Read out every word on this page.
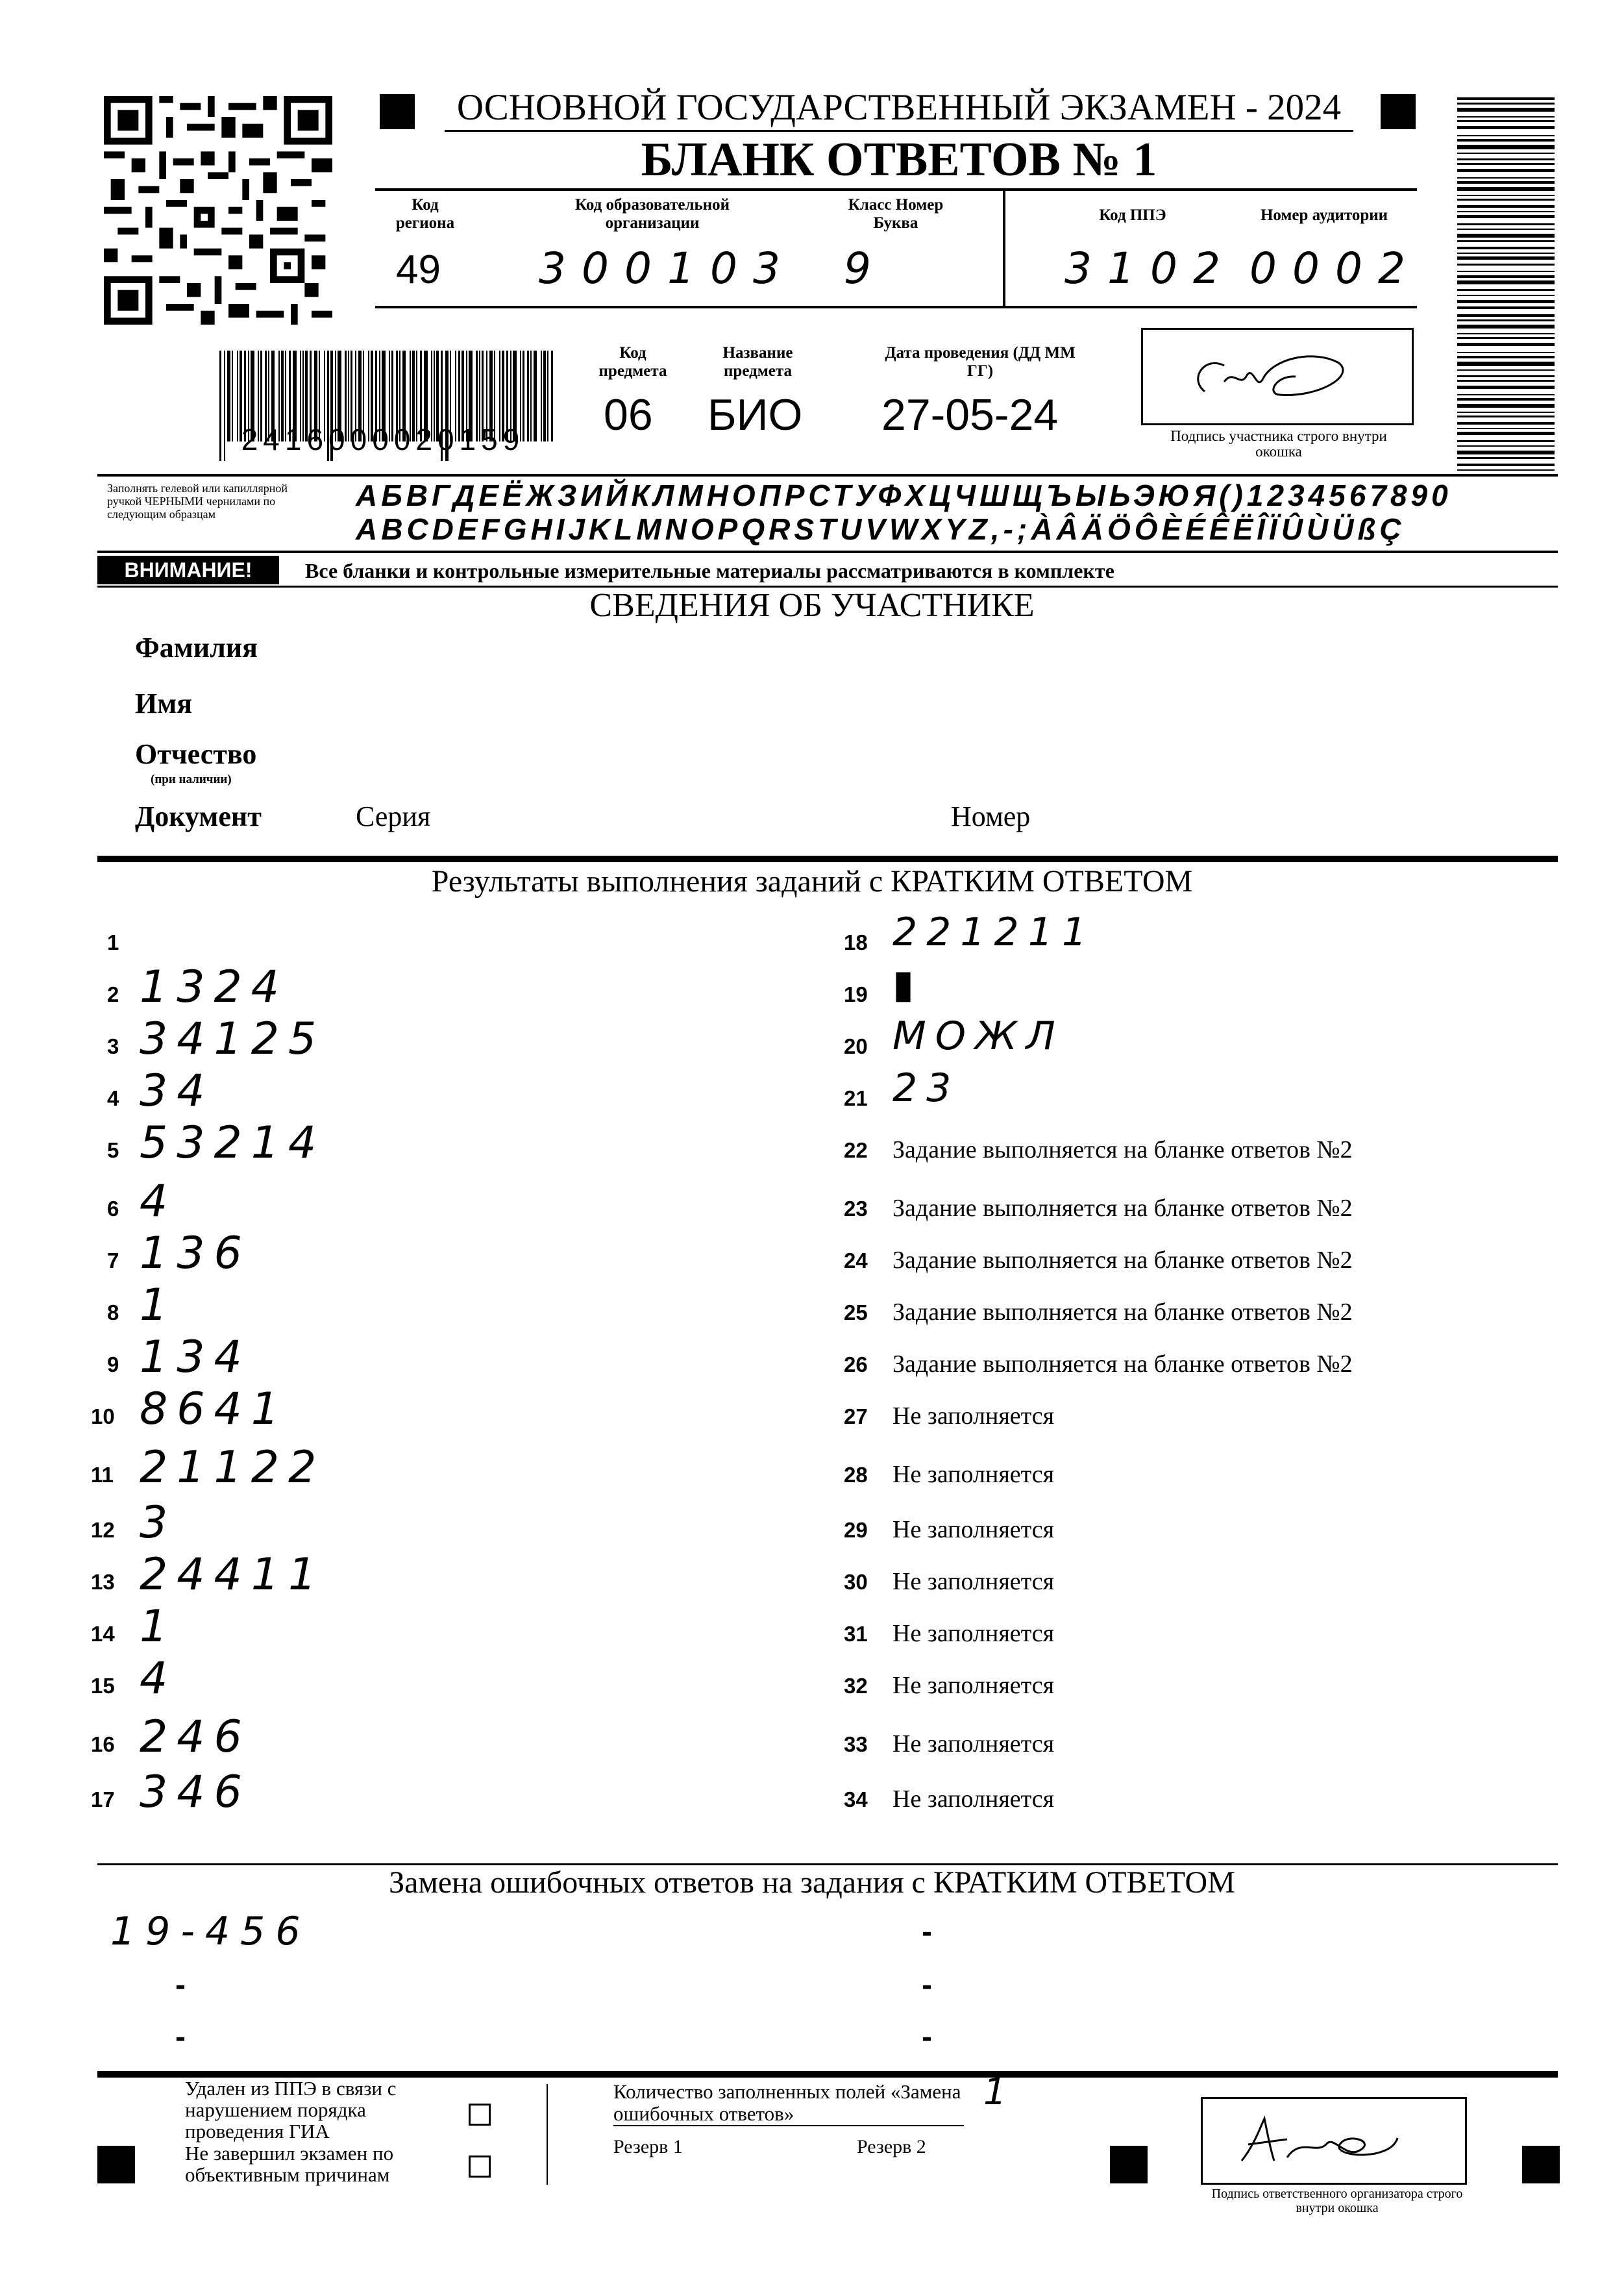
ОСНОВНОЙ ГОСУДАРСТВЕННЫЙ ЭКЗАМЕН - 2024
БЛАНК ОТВЕТОВ № 1
Код региона
49
Код образовательной организации
300103
Класс Номер Буква
9
Код ППЭ
3102
Номер аудитории
0002
2416000020159
Код предмета
06
Название предмета
БИО
Дата проведения (ДД ММ ГГ)
27-05-24	Подпись участника строго внутри окошка
Заполнять гелевой или капиллярной ручкой ЧЕРНЫМИ чернилами по следующим образцам
АБВГДЕЁЖЗИЙКЛМНОПРСТУФХЦЧШЩЪЫЬЭЮЯ()1234567890
ABCDEFGHIJKLMNOPQRSTUVWXYZ,-;ÀÂÄÖÔÈÉÊËÎÏÛÙÜßÇ
ВНИМАНИЕ!	Все бланки и контрольные измерительные материалы рассматриваются в комплекте
СВЕДЕНИЯ ОБ УЧАСТНИКЕ
Фамилия
Имя
Отчество
(при наличии)
Документ	Серия	Номер
Результаты выполнения заданий с КРАТКИМ ОТВЕТОМ
1
2 1324
3 34125
4 34
5 53214
6 4
7 136
8 1
9 134
10 8641
11 21122
12 3
13 24411
14 1
15 4
16 246
17 346
18 221211
19 ▮
20 МОЖЛ
21 23
22 Задание выполняется на бланке ответов №2
23 Задание выполняется на бланке ответов №2
24 Задание выполняется на бланке ответов №2
25 Задание выполняется на бланке ответов №2
26 Задание выполняется на бланке ответов №2
27 Не заполняется
28 Не заполняется
29 Не заполняется
30 Не заполняется
31 Не заполняется
32 Не заполняется
33 Не заполняется
34 Не заполняется
Замена ошибочных ответов на задания с КРАТКИМ ОТВЕТОМ
19-456	-
-	-
-	-
Удален из ППЭ в связи с нарушением порядка проведения ГИА
Не завершил экзамен по объективным причинам
Количество заполненных полей «Замена ошибочных ответов»
1
Резерв 1	Резерв 2
Подпись ответственного организатора строго внутри окошка
